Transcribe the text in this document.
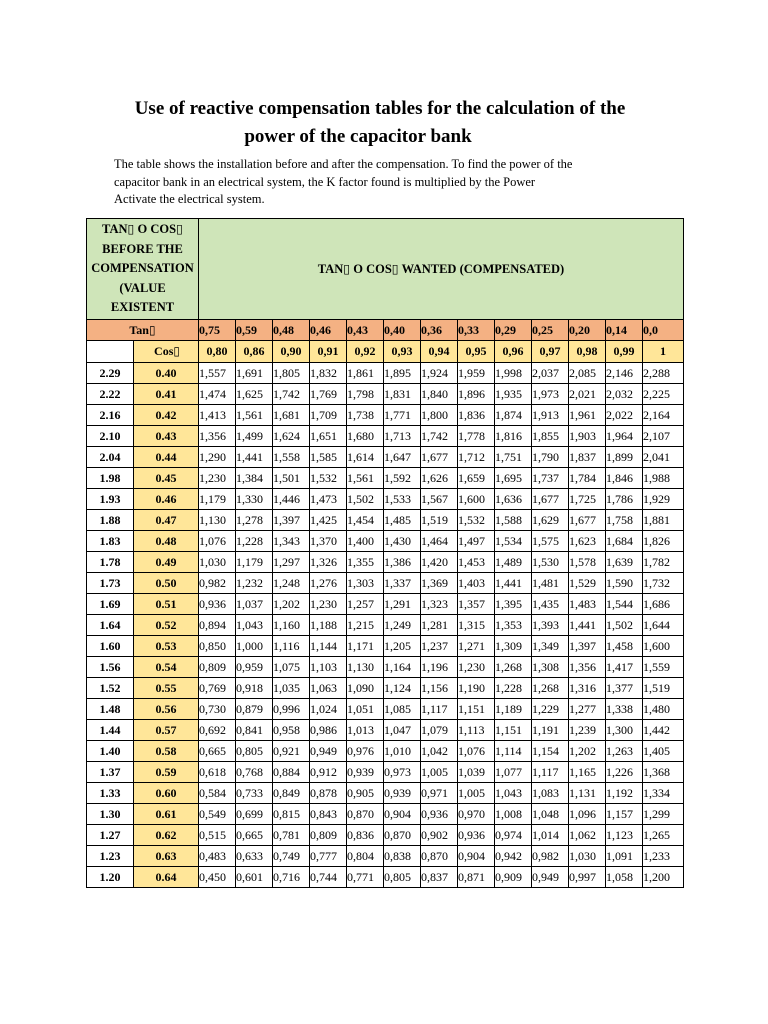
Use of reactive compensation tables for the calculation of the
power of the capacitor bank
The table shows the installation before and after the compensation. To find the power of the
capacitor bank in an electrical system, the K factor found is multiplied by the Power
Activate the electrical system.
TAN▯ O COS▯
BEFORE THE
COMPENSATION
(VALUE
EXISTENT		TAN▯ O COS▯ WANTED (COMPENSATED)												
Tan▯		0,75	0,59	0,48	0,46	0,43	0,40	0,36	0,33	0,29	0,25	0,20	0,14	0,0
	Cos▯	0,80	0,86	0,90	0,91	0,92	0,93	0,94	0,95	0,96	0,97	0,98	0,99	1
2.29	0.40	1,557	1,691	1,805	1,832	1,861	1,895	1,924	1,959	1,998	2,037	2,085	2,146	2,288
2.22	0.41	1,474	1,625	1,742	1,769	1,798	1,831	1,840	1,896	1,935	1,973	2,021	2,032	2,225
2.16	0.42	1,413	1,561	1,681	1,709	1,738	1,771	1,800	1,836	1,874	1,913	1,961	2,022	2,164
2.10	0.43	1,356	1,499	1,624	1,651	1,680	1,713	1,742	1,778	1,816	1,855	1,903	1,964	2,107
2.04	0.44	1,290	1,441	1,558	1,585	1,614	1,647	1,677	1,712	1,751	1,790	1,837	1,899	2,041
1.98	0.45	1,230	1,384	1,501	1,532	1,561	1,592	1,626	1,659	1,695	1,737	1,784	1,846	1,988
1.93	0.46	1,179	1,330	1,446	1,473	1,502	1,533	1,567	1,600	1,636	1,677	1,725	1,786	1,929
1.88	0.47	1,130	1,278	1,397	1,425	1,454	1,485	1,519	1,532	1,588	1,629	1,677	1,758	1,881
1.83	0.48	1,076	1,228	1,343	1,370	1,400	1,430	1,464	1,497	1,534	1,575	1,623	1,684	1,826
1.78	0.49	1,030	1,179	1,297	1,326	1,355	1,386	1,420	1,453	1,489	1,530	1,578	1,639	1,782
1.73	0.50	0,982	1,232	1,248	1,276	1,303	1,337	1,369	1,403	1,441	1,481	1,529	1,590	1,732
1.69	0.51	0,936	1,037	1,202	1,230	1,257	1,291	1,323	1,357	1,395	1,435	1,483	1,544	1,686
1.64	0.52	0,894	1,043	1,160	1,188	1,215	1,249	1,281	1,315	1,353	1,393	1,441	1,502	1,644
1.60	0.53	0,850	1,000	1,116	1,144	1,171	1,205	1,237	1,271	1,309	1,349	1,397	1,458	1,600
1.56	0.54	0,809	0,959	1,075	1,103	1,130	1,164	1,196	1,230	1,268	1,308	1,356	1,417	1,559
1.52	0.55	0,769	0,918	1,035	1,063	1,090	1,124	1,156	1,190	1,228	1,268	1,316	1,377	1,519
1.48	0.56	0,730	0,879	0,996	1,024	1,051	1,085	1,117	1,151	1,189	1,229	1,277	1,338	1,480
1.44	0.57	0,692	0,841	0,958	0,986	1,013	1,047	1,079	1,113	1,151	1,191	1,239	1,300	1,442
1.40	0.58	0,665	0,805	0,921	0,949	0,976	1,010	1,042	1,076	1,114	1,154	1,202	1,263	1,405
1.37	0.59	0,618	0,768	0,884	0,912	0,939	0,973	1,005	1,039	1,077	1,117	1,165	1,226	1,368
1.33	0.60	0,584	0,733	0,849	0,878	0,905	0,939	0,971	1,005	1,043	1,083	1,131	1,192	1,334
1.30	0.61	0,549	0,699	0,815	0,843	0,870	0,904	0,936	0,970	1,008	1,048	1,096	1,157	1,299
1.27	0.62	0,515	0,665	0,781	0,809	0,836	0,870	0,902	0,936	0,974	1,014	1,062	1,123	1,265
1.23	0.63	0,483	0,633	0,749	0,777	0,804	0,838	0,870	0,904	0,942	0,982	1,030	1,091	1,233
1.20	0.64	0,450	0,601	0,716	0,744	0,771	0,805	0,837	0,871	0,909	0,949	0,997	1,058	1,200
